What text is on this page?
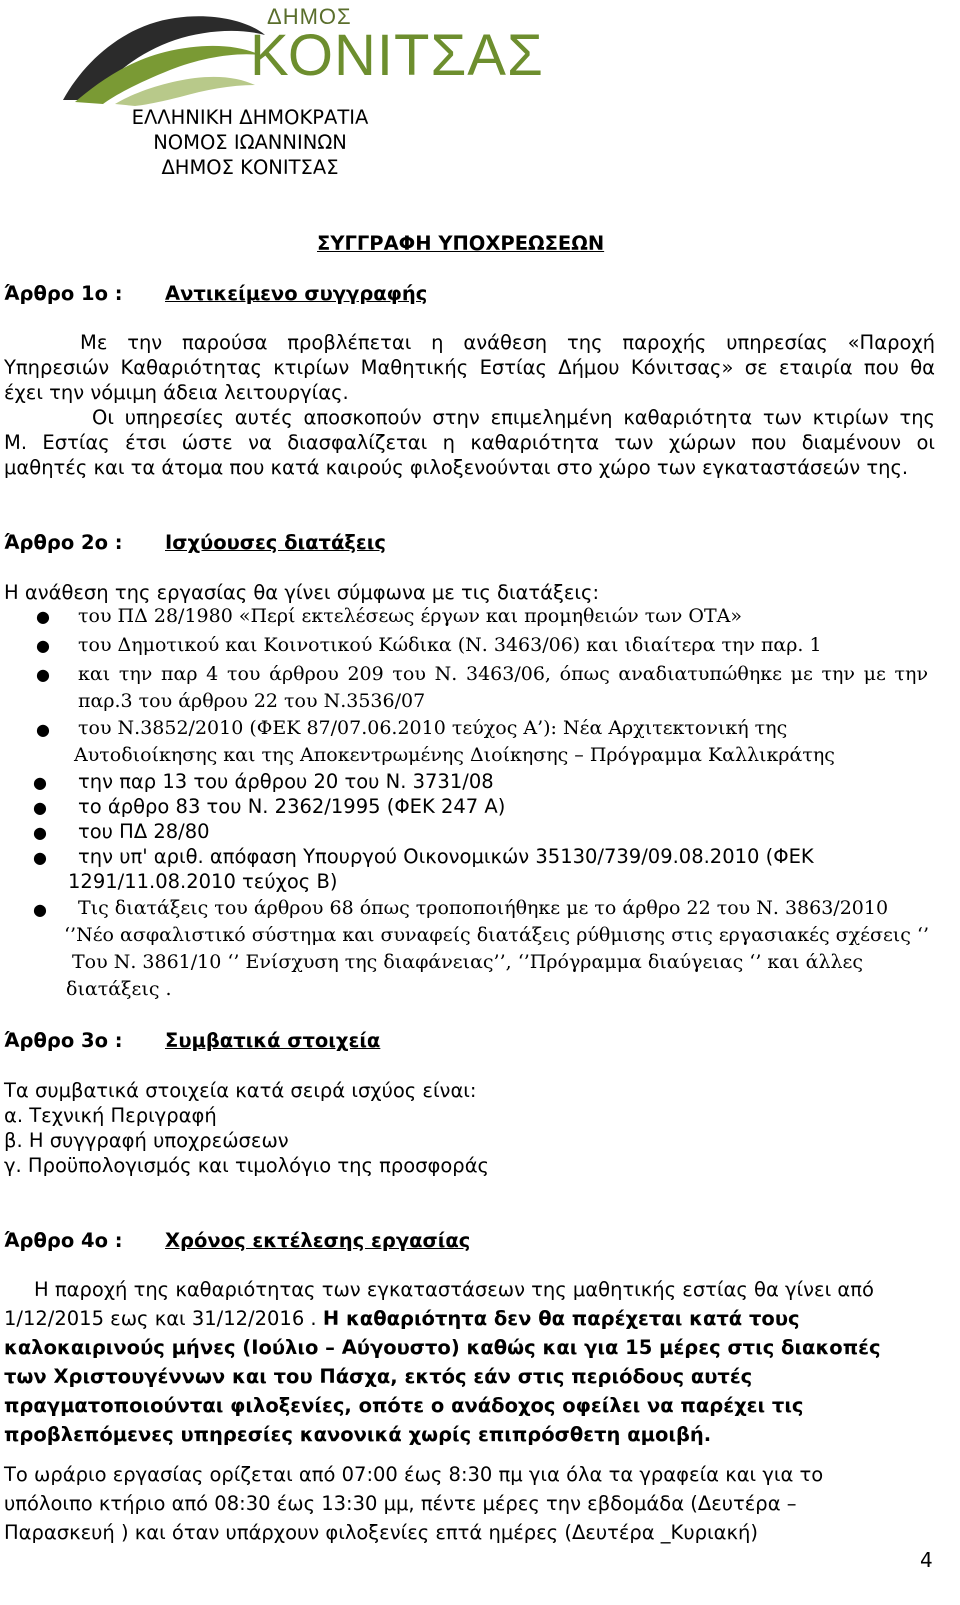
ΔΗΜΟΣ
ΚΟΝΙΤΣΑΣ
ΕΛΛΗΝΙΚΗ ΔΗΜΟΚΡΑΤΙΑ
ΝΟΜΟΣ ΙΩΑΝΝΙΝΩΝ
ΔΗΜΟΣ ΚΟΝΙΤΣΑΣ
ΣΥΓΓΡΑΦΗ ΥΠΟΧΡΕΩΣΕΩΝ
Άρθρο 1ο : Αντικείμενο συγγραφής
Με την παρούσα προβλέπεται η ανάθεση της παροχής υπηρεσίας «Παροχή
Υπηρεσιών Καθαριότητας κτιρίων Μαθητικής Εστίας Δήμου Κόνιτσας» σε εταιρία που θα
έχει την νόμιμη άδεια λειτουργίας.
Οι υπηρεσίες αυτές αποσκοπούν στην επιμελημένη καθαριότητα των κτιρίων της
Μ. Εστίας έτσι ώστε να διασφαλίζεται η καθαριότητα των χώρων που διαμένουν οι
μαθητές και τα άτομα που κατά καιρούς φιλοξενούνται στο χώρο των εγκαταστάσεών της.
Άρθρο 2ο : Ισχύουσες διατάξεις
Η ανάθεση της εργασίας θα γίνει σύμφωνα με τις διατάξεις:
● του ΠΔ 28/1980 «Περί εκτελέσεως έργων και προμηθειών των ΟΤΑ»
● του Δημοτικού και Κοινοτικού Κώδικα (Ν. 3463/06) και ιδιαίτερα την παρ. 1
● και την παρ 4 του άρθρου 209 του Ν. 3463/06, όπως αναδιατυπώθηκε με την με την
παρ.3 του άρθρου 22 του Ν.3536/07
● του Ν.3852/2010 (ΦΕΚ 87/07.06.2010 τεύχος Α’): Νέα Αρχιτεκτονική της
Αυτοδιοίκησης και της Αποκεντρωμένης Διοίκησης – Πρόγραμμα Καλλικράτης
● την παρ 13 του άρθρου 20 του Ν. 3731/08
● το άρθρο 83 του Ν. 2362/1995 (ΦΕΚ 247 Α)
● του ΠΔ 28/80
● την υπ' αριθ. απόφαση Υπουργού Οικονομικών 35130/739/09.08.2010 (ΦΕΚ
1291/11.08.2010 τεύχος Β)
● Τις διατάξεις του άρθρου 68 όπως τροποποιήθηκε με το άρθρο 22 του Ν. 3863/2010
‘’Νέο ασφαλιστικό σύστημα και συναφείς διατάξεις ρύθμισης στις εργασιακές σχέσεις ‘’
Του Ν. 3861/10 ‘’ Ενίσχυση της διαφάνειας’’, ‘’Πρόγραμμα διαύγειας ‘’ και άλλες
διατάξεις .
Άρθρο 3ο : Συμβατικά στοιχεία
Τα συμβατικά στοιχεία κατά σειρά ισχύος είναι:
α. Τεχνική Περιγραφή
β. Η συγγραφή υποχρεώσεων
γ. Προϋπολογισμός και τιμολόγιο της προσφοράς
Άρθρο 4ο : Χρόνος εκτέλεσης εργασίας
Η παροχή της καθαριότητας των εγκαταστάσεων της μαθητικής εστίας θα γίνει από
1/12/2015 εως και 31/12/2016 . Η καθαριότητα δεν θα παρέχεται κατά τους
καλοκαιρινούς μήνες (Ιούλιο – Αύγουστο) καθώς και για 15 μέρες στις διακοπές
των Χριστουγέννων και του Πάσχα, εκτός εάν στις περιόδους αυτές
πραγματοποιούνται φιλοξενίες, οπότε ο ανάδοχος οφείλει να παρέχει τις
προβλεπόμενες υπηρεσίες κανονικά χωρίς επιπρόσθετη αμοιβή.
Το ωράριο εργασίας ορίζεται από 07:00 έως 8:30 πμ για όλα τα γραφεία και για το
υπόλοιπο κτήριο από 08:30 έως 13:30 μμ, πέντε μέρες την εβδομάδα (Δευτέρα –
Παρασκευή ) και όταν υπάρχουν φιλοξενίες επτά ημέρες (Δευτέρα _Κυριακή)
4
